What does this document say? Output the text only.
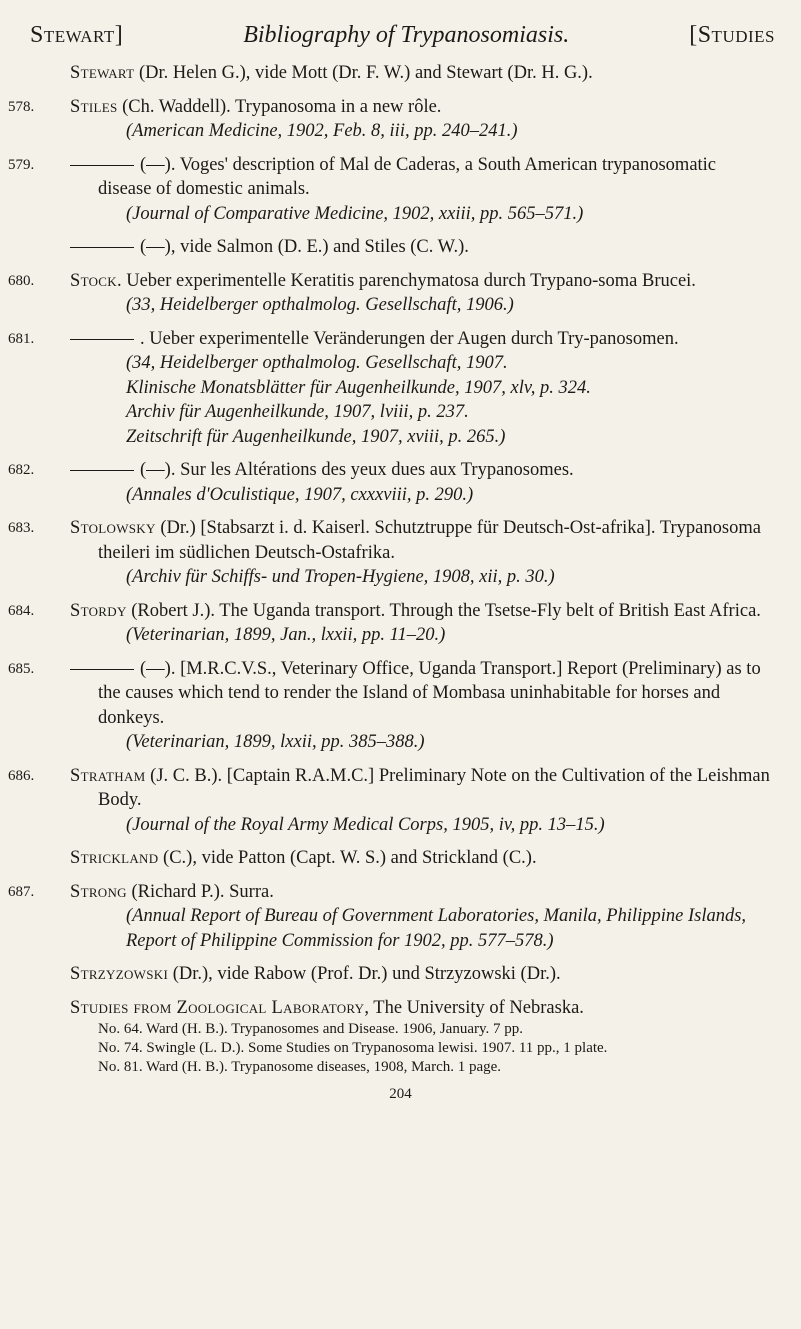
Stewart]	Bibliography of Trypanosomiasis.	[Studies
Stewart (Dr. Helen G.), vide Mott (Dr. F. W.) and Stewart (Dr. H. G.).
578. Stiles (Ch. Waddell). Trypanosoma in a new rôle.
(American Medicine, 1902, Feb. 8, iii, pp. 240–241.)
579.	(—). Voges' description of Mal de Caderas, a South American trypanosomatic disease of domestic animals.
(Journal of Comparative Medicine, 1902, xxiii, pp. 565–571.)
(—), vide Salmon (D. E.) and Stiles (C. W.).
680. Stock. Ueber experimentelle Keratitis parenchymatosa durch Trypano-soma Brucei.
(33, Heidelberger opthalmolog. Gesellschaft, 1906.)
681.	. Ueber experimentelle Veränderungen der Augen durch Try-panosomen.
(34, Heidelberger opthalmolog. Gesellschaft, 1907.
Klinische Monatsblätter für Augenheilkunde, 1907, xlv, p. 324.
Archiv für Augenheilkunde, 1907, lviii, p. 237.
Zeitschrift für Augenheilkunde, 1907, xviii, p. 265.)
682.	(—). Sur les Altérations des yeux dues aux Trypanosomes.
(Annales d'Oculistique, 1907, cxxxviii, p. 290.)
683. Stolowsky (Dr.) [Stabsarzt i. d. Kaiserl. Schutztruppe für Deutsch-Ost-afrika]. Trypanosoma theileri im südlichen Deutsch-Ostafrika.
(Archiv für Schiffs- und Tropen-Hygiene, 1908, xii, p. 30.)
684. Stordy (Robert J.). The Uganda transport. Through the Tsetse-Fly belt of British East Africa.
(Veterinarian, 1899, Jan., lxxii, pp. 11–20.)
685.	(—). [M.R.C.V.S., Veterinary Office, Uganda Transport.] Report (Preliminary) as to the causes which tend to render the Island of Mombasa uninhabitable for horses and donkeys.
(Veterinarian, 1899, lxxii, pp. 385–388.)
686. Stratham (J. C. B.). [Captain R.A.M.C.] Preliminary Note on the Cultivation of the Leishman Body.
(Journal of the Royal Army Medical Corps, 1905, iv, pp. 13–15.)
Strickland (C.), vide Patton (Capt. W. S.) and Strickland (C.).
687. Strong (Richard P.). Surra.
(Annual Report of Bureau of Government Laboratories, Manila, Philippine Islands, Report of Philippine Commission for 1902, pp. 577–578.)
Strzyzowski (Dr.), vide Rabow (Prof. Dr.) und Strzyzowski (Dr.).
Studies from Zoological Laboratory, The University of Nebraska.
No. 64. Ward (H. B.). Trypanosomes and Disease. 1906, January. 7 pp.
No. 74. Swingle (L. D.). Some Studies on Trypanosoma lewisi. 1907. 11 pp., 1 plate.
No. 81. Ward (H. B.). Trypanosome diseases, 1908, March. 1 page.
204
